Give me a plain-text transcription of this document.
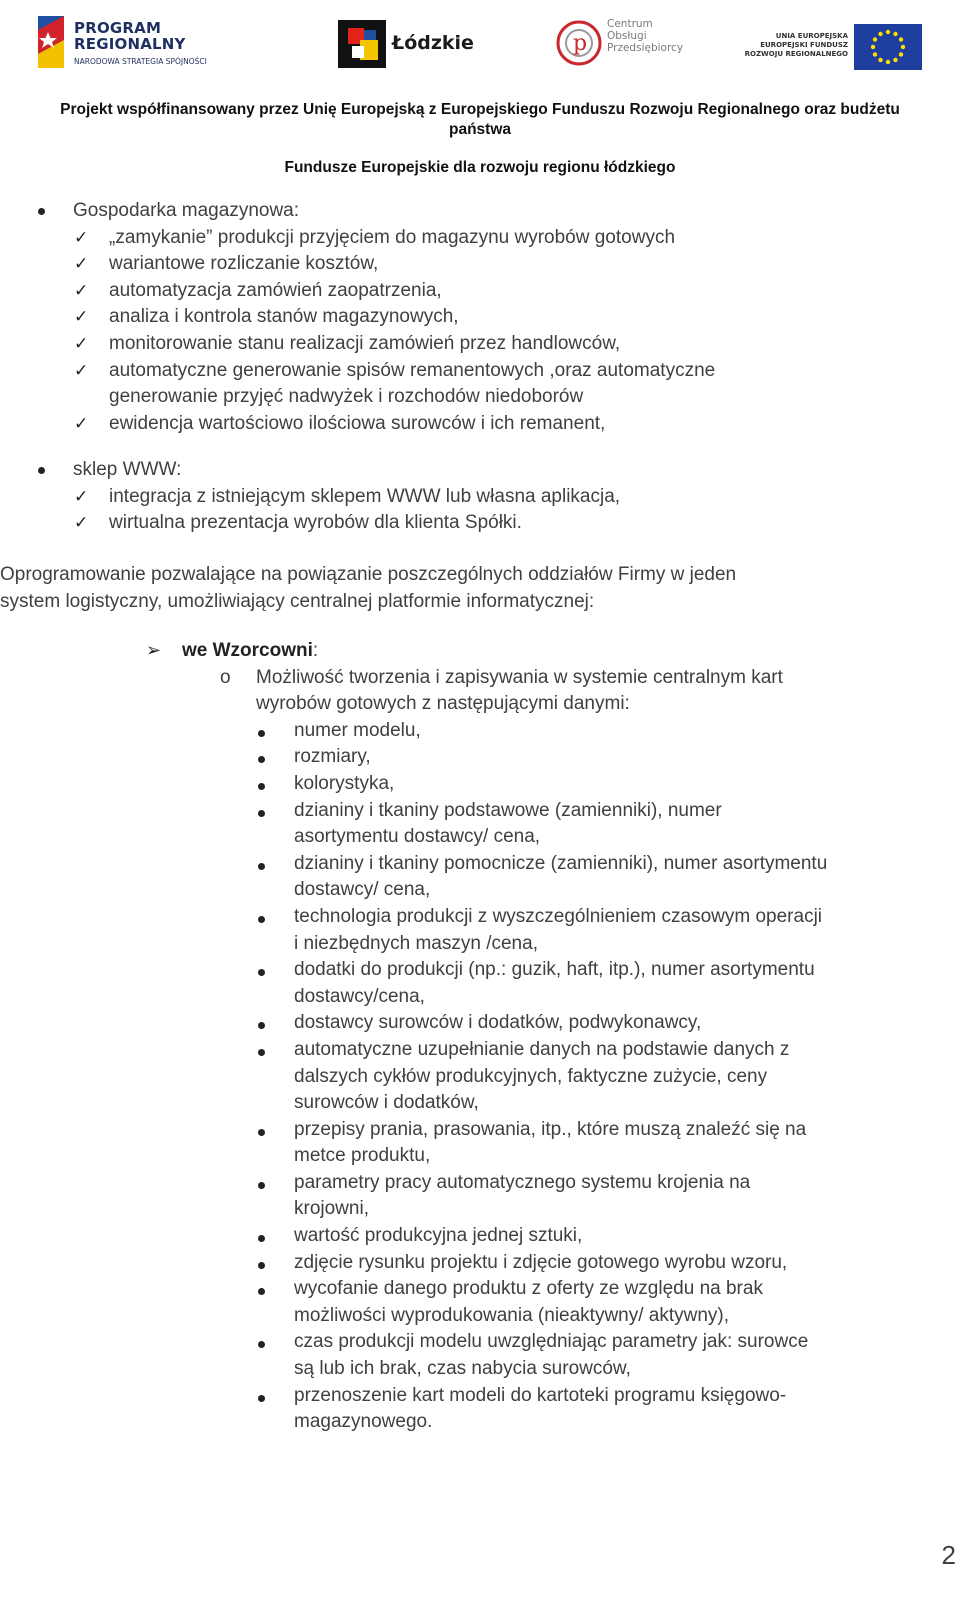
PROGRAM
REGIONALNY
NARODOWA STRATEGIA SPÓJNOŚCI
Łódzkie	p
Centrum
Obsługi
Przedsiębiorcy
UNIA EUROPEJSKA
EUROPEJSKI FUNDUSZ
ROZWOJU REGIONALNEGO
Projekt współfinansowany przez Unię Europejską z Europejskiego Funduszu Rozwoju Regionalnego oraz budżetu
państwa
Fundusze Europejskie dla rozwoju regionu łódzkiego
Gospodarka magazynowa:
✓ „zamykanie” produkcji przyjęciem do magazynu wyrobów gotowych
✓ wariantowe rozliczanie kosztów,
✓ automatyzacja zamówień zaopatrzenia,
✓ analiza i kontrola stanów magazynowych,
✓ monitorowanie stanu realizacji zamówień przez handlowców,
✓ automatyczne generowanie spisów remanentowych ,oraz automatyczne
generowanie przyjęć nadwyżek i rozchodów niedoborów
✓ ewidencja wartościowo ilościowa surowców i ich remanent,
sklep WWW:
✓ integracja z istniejącym sklepem WWW lub własna aplikacja,
✓ wirtualna prezentacja wyrobów dla klienta Spółki.
Oprogramowanie pozwalające na powiązanie poszczególnych oddziałów Firmy w jeden
system logistyczny, umożliwiający centralnej platformie informatycznej:
➢ we Wzorcowni:
o Możliwość tworzenia i zapisywania w systemie centralnym kart
wyrobów gotowych z następującymi danymi:
numer modelu,
rozmiary,
kolorystyka,
dzianiny i tkaniny podstawowe (zamienniki), numer
asortymentu dostawcy/ cena,
dzianiny i tkaniny pomocnicze (zamienniki), numer asortymentu
dostawcy/ cena,
technologia produkcji z wyszczególnieniem czasowym operacji
i niezbędnych maszyn /cena,
dodatki do produkcji (np.: guzik, haft, itp.), numer asortymentu
dostawcy/cena,
dostawcy surowców i dodatków, podwykonawcy,
automatyczne uzupełnianie danych na podstawie danych z
dalszych cykłów produkcyjnych, faktyczne zużycie, ceny
surowców i dodatków,
przepisy prania, prasowania, itp., które muszą znaleźć się na
metce produktu,
parametry pracy automatycznego systemu krojenia na
krojowni,
wartość produkcyjna jednej sztuki,
zdjęcie rysunku projektu i zdjęcie gotowego wyrobu wzoru,
wycofanie danego produktu z oferty ze względu na brak
możliwości wyprodukowania (nieaktywny/ aktywny),
czas produkcji modelu uwzględniając parametry jak: surowce
są lub ich brak, czas nabycia surowców,
przenoszenie kart modeli do kartoteki programu księgowo-
magazynowego.
2
